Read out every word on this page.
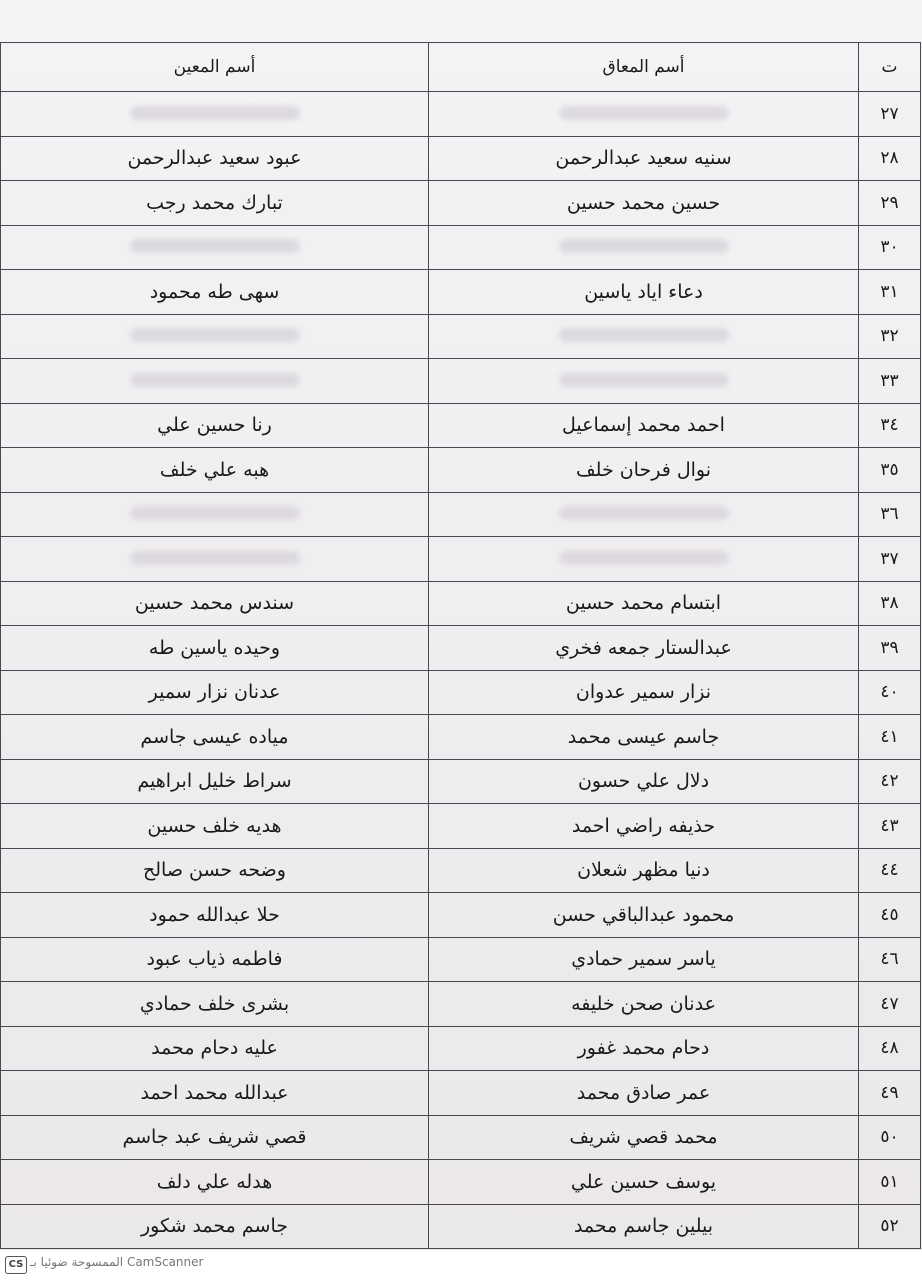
ت	أسم المعاق	أسم المعين
٢٧		
٢٨	سنيه سعيد عبدالرحمن	عبود سعيد عبدالرحمن
٢٩	حسين محمد حسين	تبارك محمد رجب
٣٠		
٣١	دعاء اياد ياسين	سهى طه محمود
٣٢		
٣٣		
٣٤	احمد محمد إسماعيل	رنا حسين علي
٣٥	نوال فرحان خلف	هبه علي خلف
٣٦		
٣٧		
٣٨	ابتسام محمد حسين	سندس محمد حسين
٣٩	عبدالستار جمعه فخري	وحيده ياسين طه
٤٠	نزار سمير عدوان	عدنان نزار سمير
٤١	جاسم عيسى محمد	مياده عيسى جاسم
٤٢	دلال علي حسون	سراط خليل ابراهيم
٤٣	حذيفه راضي احمد	هديه خلف حسين
٤٤	دنيا مظهر شعلان	وضحه حسن صالح
٤٥	محمود عبدالباقي حسن	حلا عبدالله حمود
٤٦	ياسر سمير حمادي	فاطمه ذياب عبود
٤٧	عدنان صحن خليفه	بشرى خلف حمادي
٤٨	دحام محمد غفور	عليه دحام محمد
٤٩	عمر صادق محمد	عبدالله محمد احمد
٥٠	محمد قصي شريف	قصي شريف عبد جاسم
٥١	يوسف حسين علي	هدله علي دلف
٥٢	بيلين جاسم محمد	جاسم محمد شكور
CS الممسوحة ضوئيا بـ CamScanner
